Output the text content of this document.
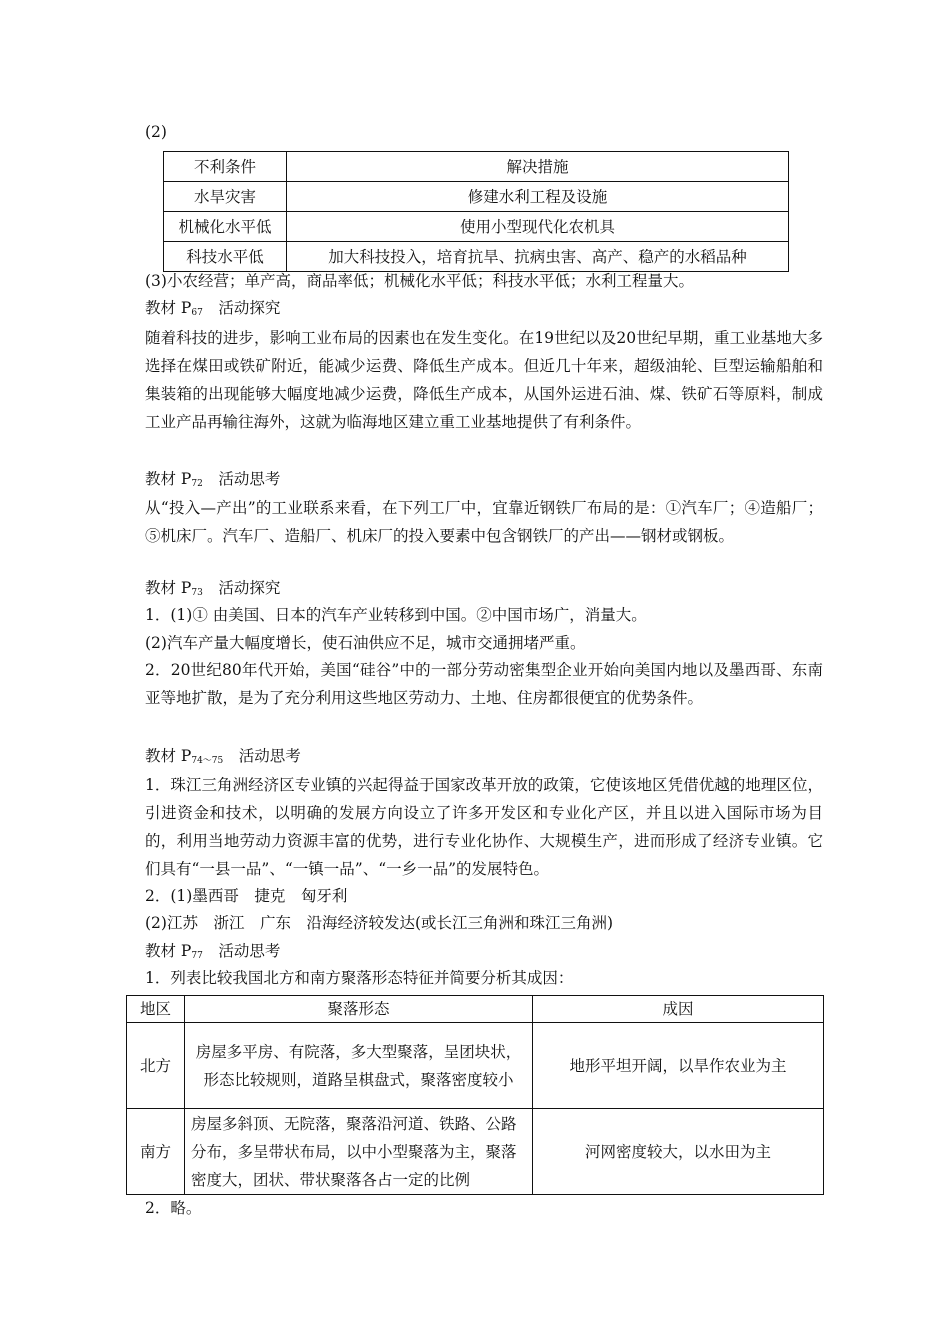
(2)
不利条件	解决措施
水旱灾害	修建水利工程及设施
机械化水平低	使用小型现代化农机具
科技水平低	加大科技投入，培育抗旱、抗病虫害、高产、稳产的水稻品种
(3)小农经营；单产高，商品率低；机械化水平低；科技水平低；水利工程量大。
教材 $P_{67}$　活动探究
随着科技的进步，影响工业布局的因素也在发生变化。在19世纪以及20世纪早期，重工业基地大多选择在煤田或铁矿附近，能减少运费、降低生产成本。但近几十年来，超级油轮、巨型运输船舶和集装箱的出现能够大幅度地减少运费，降低生产成本，从国外运进石油、煤、铁矿石等原料，制成工业产品再输往海外，这就为临海地区建立重工业基地提供了有利条件。
教材 $P_{72}$　活动思考
从“投入—产出”的工业联系来看，在下列工厂中，宜靠近钢铁厂布局的是：①汽车厂；④造船厂；⑤机床厂。汽车厂、造船厂、机床厂的投入要素中包含钢铁厂的产出——钢材或钢板。
教材 $P_{73}$　活动探究
1．(1)① 由美国、日本的汽车产业转移到中国。②中国市场广，消量大。
(2)汽车产量大幅度增长，使石油供应不足，城市交通拥堵严重。
2．20世纪80年代开始，美国“硅谷”中的一部分劳动密集型企业开始向美国内地以及墨西哥、东南亚等地扩散，是为了充分利用这些地区劳动力、土地、住房都很便宜的优势条件。
教材 $P_{74\sim 75}$　活动思考
1．珠江三角洲经济区专业镇的兴起得益于国家改革开放的政策，它使该地区凭借优越的地理区位，引进资金和技术，以明确的发展方向设立了许多开发区和专业化产区，并且以进入国际市场为目的，利用当地劳动力资源丰富的优势，进行专业化协作、大规模生产，进而形成了经济专业镇。它们具有“一县一品”、“一镇一品”、“一乡一品”的发展特色。
2．(1)墨西哥　捷克　匈牙利
(2)江苏　浙江　广东　沿海经济较发达(或长江三角洲和珠江三角洲)
教材 $P_{77}$　活动思考
1．列表比较我国北方和南方聚落形态特征并简要分析其成因：
地区	聚落形态	成因
北方	房屋多平房、有院落，多大型聚落，呈团块状，形态比较规则，道路呈棋盘式，聚落密度较小	地形平坦开阔，以旱作农业为主
南方	房屋多斜顶、无院落，聚落沿河道、铁路、公路分布，多呈带状布局，以中小型聚落为主，聚落密度大，团状、带状聚落各占一定的比例	河网密度较大，以水田为主
2．略。
